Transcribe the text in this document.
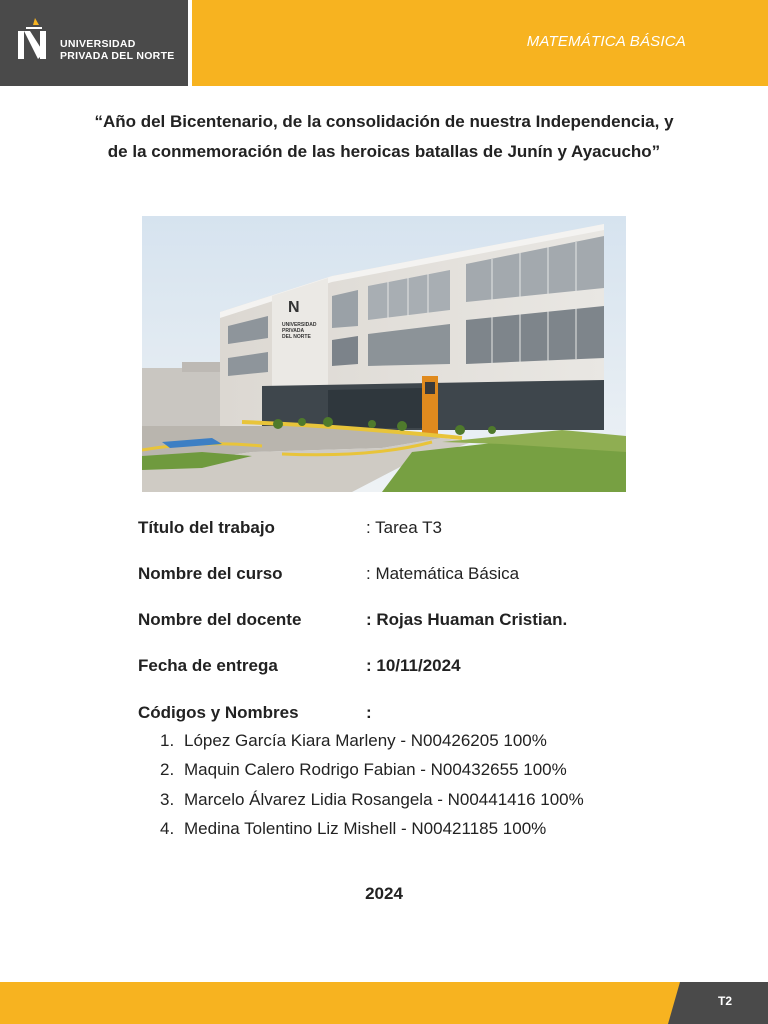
UNIVERSIDAD
PRIVADA DEL NORTE
MATEMÁTICA BÁSICA
“Año del Bicentenario, de la consolidación de nuestra Independencia, y de la conmemoración de las heroicas batallas de Junín y Ayacucho”
N
UNIVERSIDAD
PRIVADA
DEL NORTE
Título del trabajo	: Tarea T3
Nombre del curso	: Matemática Básica
Nombre del docente	: Rojas Huaman Cristian.
Fecha de entrega	: 10/11/2024
Códigos y Nombres	:
1. López García Kiara Marleny - N00426205 100%
2. Maquin Calero Rodrigo Fabian - N00432655 100%
3. Marcelo Álvarez Lidia Rosangela - N00441416 100%
4. Medina Tolentino Liz Mishell - N00421185 100%
2024
T2
